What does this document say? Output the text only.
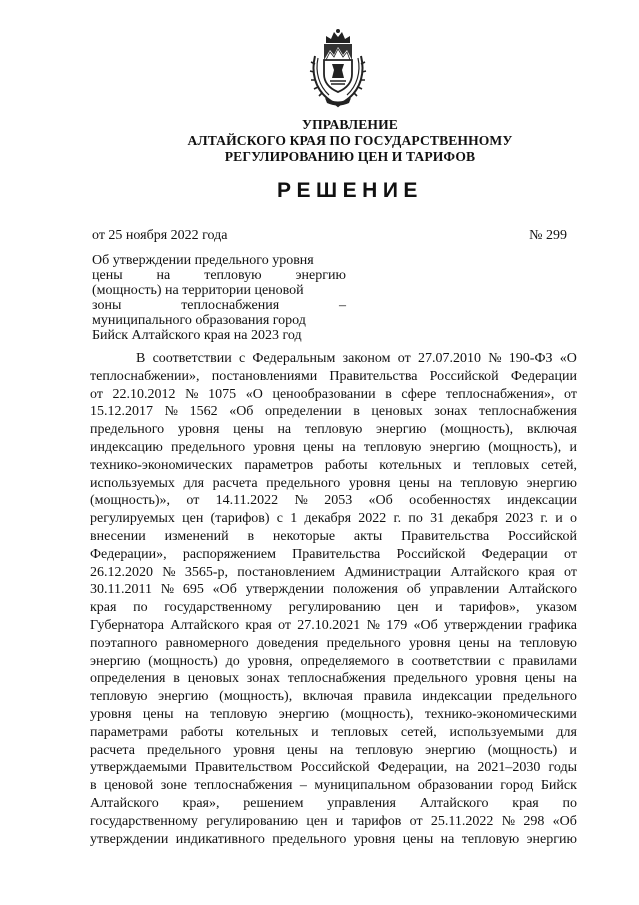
УПРАВЛЕНИЕ
АЛТАЙСКОГО КРАЯ ПО ГОСУДАРСТВЕННОМУ
РЕГУЛИРОВАНИЮ ЦЕН И ТАРИФОВ
РЕШЕНИЕ
от 25 ноября 2022 года	№ 299
Об утверждении предельного уровня
цены на тепловую энергию
(мощность) на территории ценовой
зоны	теплоснабжения	–
муниципального образования город
Бийск Алтайского края на 2023 год
В соответствии с Федеральным законом от 27.07.2010 № 190-ФЗ «О
теплоснабжении», постановлениями Правительства Российской Федерации
от 22.10.2012 № 1075 «О ценообразовании в сфере теплоснабжения», от
15.12.2017 № 1562 «Об определении в ценовых зонах теплоснабжения
предельного уровня цены на тепловую энергию (мощность), включая
индексацию предельного уровня цены на тепловую энергию (мощность), и
технико-экономических параметров работы котельных и тепловых сетей,
используемых для расчета предельного уровня цены на тепловую энергию
(мощность)», от 14.11.2022 № 2053 «Об особенностях индексации
регулируемых цен (тарифов) с 1 декабря 2022 г. по 31 декабря 2023 г. и о
внесении изменений в некоторые акты Правительства Российской
Федерации», распоряжением Правительства Российской Федерации от
26.12.2020 № 3565-р, постановлением Администрации Алтайского края от
30.11.2011 № 695 «Об утверждении положения об управлении Алтайского
края по государственному регулированию цен и тарифов», указом
Губернатора Алтайского края от 27.10.2021 № 179 «Об утверждении графика
поэтапного равномерного доведения предельного уровня цены на тепловую
энергию (мощность) до уровня, определяемого в соответствии с правилами
определения в ценовых зонах теплоснабжения предельного уровня цены на
тепловую энергию (мощность), включая правила индексации предельного
уровня цены на тепловую энергию (мощность), технико-экономическими
параметрами работы котельных и тепловых сетей, используемыми для
расчета предельного уровня цены на тепловую энергию (мощность) и
утверждаемыми Правительством Российской Федерации, на 2021–2030 годы
в ценовой зоне теплоснабжения – муниципальном образовании город Бийск
Алтайского края», решением управления Алтайского края по
государственному регулированию цен и тарифов от 25.11.2022 № 298 «Об
утверждении индикативного предельного уровня цены на тепловую энергию
